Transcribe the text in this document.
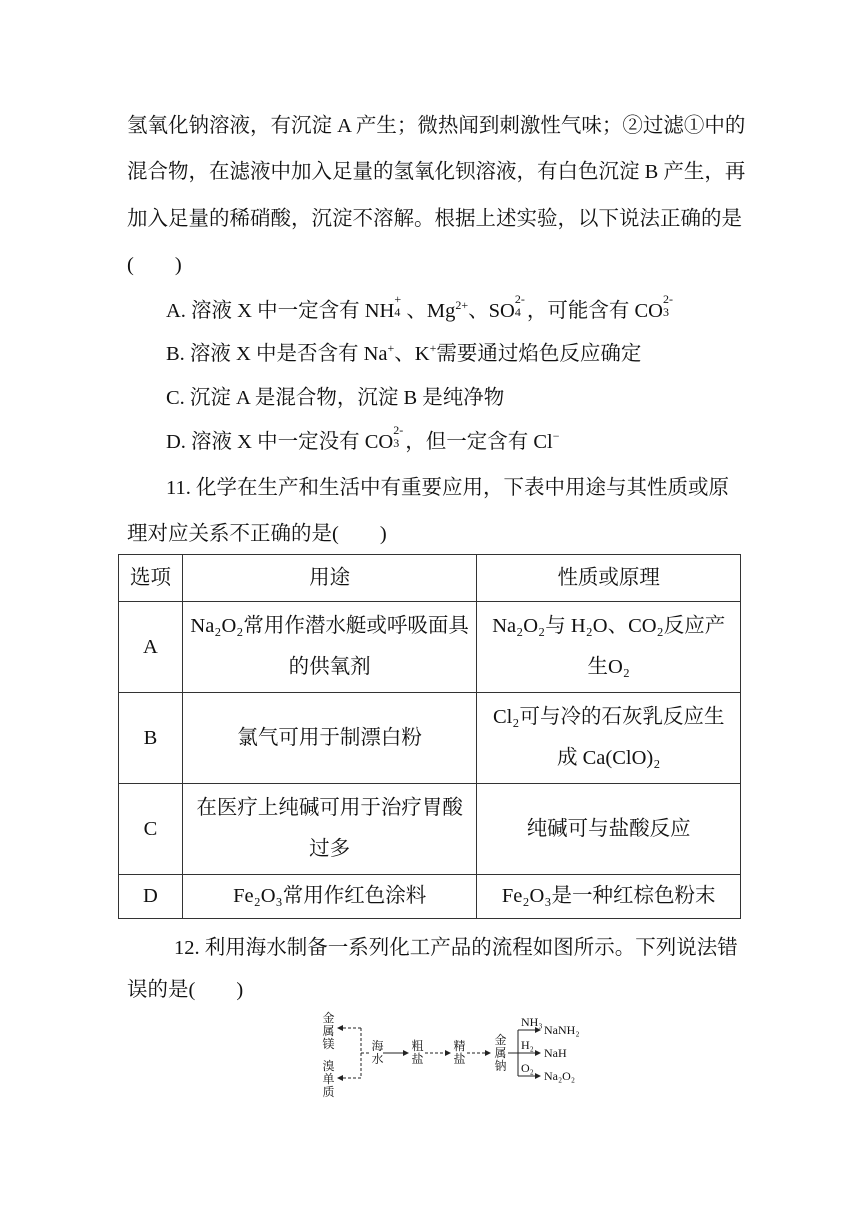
氢氧化钠溶液，有沉淀 A 产生；微热闻到刺激性气味；②过滤①中的
混合物，在滤液中加入足量的氢氧化钡溶液，有白色沉淀 B 产生，再
加入足量的稀硝酸，沉淀不溶解。根据上述实验，以下说法正确的是
(　　)
A. 溶液 X 中一定含有 NH
+
4 、$Mg^{2+}$、SO
2-
4 ，可能含有 CO
2-
3
B. 溶液 X 中是否含有 Na+、K+需要通过焰色反应确定
C. 沉淀 A 是混合物，沉淀 B 是纯净物
D. 溶液 X 中一定没有 CO
2-
3 ，但一定含有 Cl−
11. 化学在生产和生活中有重要应用，下表中用途与其性质或原
理对应关系不正确的是(　　)
选项	用途	性质或原理
A	Na₂O₂常用作潜水艇或呼吸面具的供氧剂	Na₂O₂与 H₂O、CO₂反应产生O₂
B	氯气可用于制漂白粉	Cl₂可与冷的石灰乳反应生成 Ca(ClO)₂
C	在医疗上纯碱可用于治疗胃酸过多	纯碱可与盐酸反应
D	Fe₂O₃常用作红色涂料	Fe₂O₃是一种红棕色粉末
12. 利用海水制备一系列化工产品的流程如图所示。下列说法错
误的是(　　)
金属镁
溴单质
海水
粗盐
精盐
金属钠
NH₃
H₂
O₂
NaNH₂
NaH
Na₂O₂
